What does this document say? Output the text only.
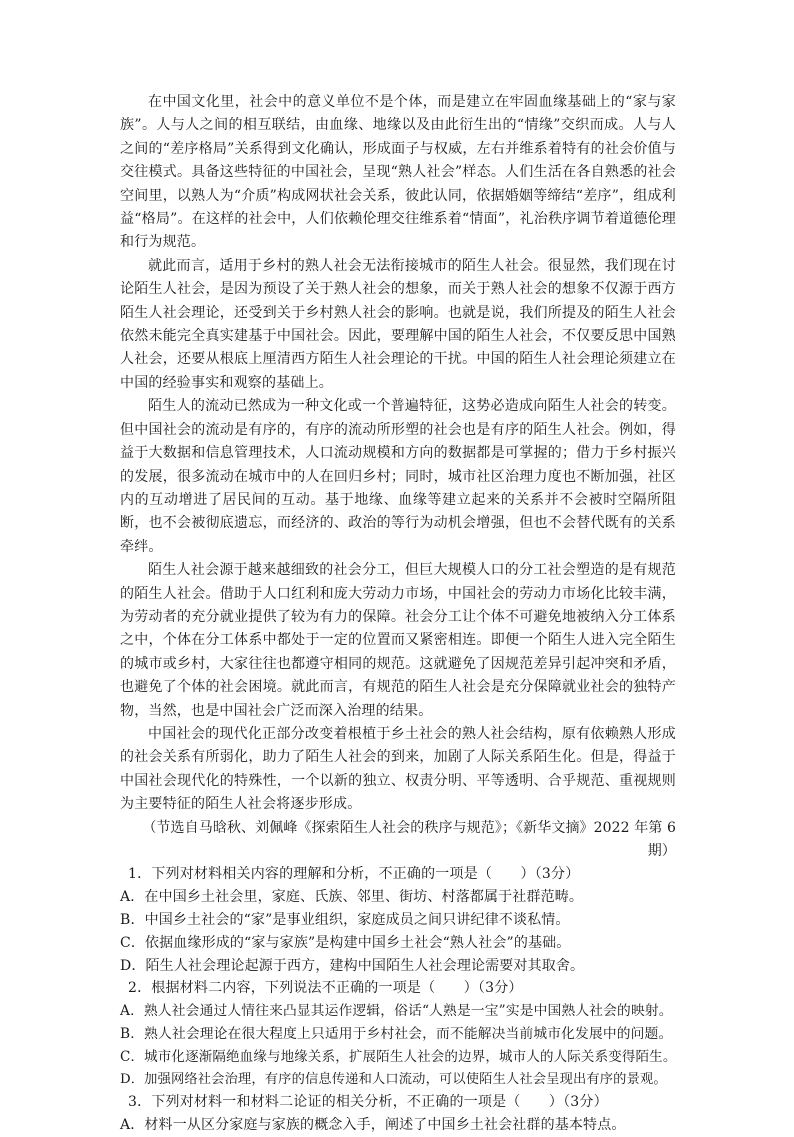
在中国文化里，社会中的意义单位不是个体，而是建立在牢固血缘基础上的“家与家族”。人与人之间的相互联结，由血缘、地缘以及由此衍生出的“情缘”交织而成。人与人之间的“差序格局”关系得到文化确认，形成面子与权威，左右并维系着特有的社会价值与交往模式。具备这些特征的中国社会，呈现“熟人社会”样态。人们生活在各自熟悉的社会空间里，以熟人为“介质”构成网状社会关系，彼此认同，依据婚姻等缔结“差序”，组成利益“格局”。在这样的社会中，人们依赖伦理交往维系着“情面”，礼治秩序调节着道德伦理和行为规范。

就此而言，适用于乡村的熟人社会无法衔接城市的陌生人社会。很显然，我们现在讨论陌生人社会，是因为预设了关于熟人社会的想象，而关于熟人社会的想象不仅源于西方陌生人社会理论，还受到关于乡村熟人社会的影响。也就是说，我们所提及的陌生人社会依然未能完全真实建基于中国社会。因此，要理解中国的陌生人社会，不仅要反思中国熟人社会，还要从根底上厘清西方陌生人社会理论的干扰。中国的陌生人社会理论须建立在中国的经验事实和观察的基础上。

陌生人的流动已然成为一种文化或一个普遍特征，这势必造成向陌生人社会的转变。但中国社会的流动是有序的，有序的流动所形塑的社会也是有序的陌生人社会。例如，得益于大数据和信息管理技术，人口流动规模和方向的数据都是可掌握的；借力于乡村振兴的发展，很多流动在城市中的人在回归乡村；同时，城市社区治理力度也不断加强，社区内的互动增进了居民间的互动。基于地缘、血缘等建立起来的关系并不会被时空隔所阻断，也不会被彻底遗忘，而经济的、政治的等行为动机会增强，但也不会替代既有的关系牵绊。

陌生人社会源于越来越细致的社会分工，但巨大规模人口的分工社会塑造的是有规范的陌生人社会。借助于人口红利和庞大劳动力市场，中国社会的劳动力市场化比较丰满，为劳动者的充分就业提供了较为有力的保障。社会分工让个体不可避免地被纳入分工体系之中，个体在分工体系中都处于一定的位置而又紧密相连。即便一个陌生人进入完全陌生的城市或乡村，大家往往也都遵守相同的规范。这就避免了因规范差异引起冲突和矛盾，也避免了个体的社会困境。就此而言，有规范的陌生人社会是充分保障就业社会的独特产物，当然，也是中国社会广泛而深入治理的结果。

中国社会的现代化正部分改变着根植于乡土社会的熟人社会结构，原有依赖熟人形成的社会关系有所弱化，助力了陌生人社会的到来，加剧了人际关系陌生化。但是，得益于中国社会现代化的特殊性，一个以新的独立、权责分明、平等透明、合乎规范、重视规则为主要特征的陌生人社会将逐步形成。

（节选自马晗秋、刘佩峰《探索陌生人社会的秩序与规范》；《新华文摘》2022 年第 6 期）

1．下列对材料相关内容的理解和分析，不正确的一项是（　　）（3分）

A．在中国乡土社会里，家庭、氏族、邻里、街坊、村落都属于社群范畴。

B．中国乡土社会的“家”是事业组织，家庭成员之间只讲纪律不谈私情。

C．依据血缘形成的“家与家族”是构建中国乡土社会“熟人社会”的基础。

D．陌生人社会理论起源于西方，建构中国陌生人社会理论需要对其取舍。

2．根据材料二内容，下列说法不正确的一项是（　　）（3分）

A．熟人社会通过人情往来凸显其运作逻辑，俗话“人熟是一宝”实是中国熟人社会的映射。

B．熟人社会理论在很大程度上只适用于乡村社会，而不能解决当前城市化发展中的问题。

C．城市化逐渐隔绝血缘与地缘关系，扩展陌生人社会的边界，城市人的人际关系变得陌生。

D．加强网络社会治理，有序的信息传递和人口流动，可以使陌生人社会呈现出有序的景观。

3．下列对材料一和材料二论证的相关分析，不正确的一项是（　　）（3分）

A．材料一从区分家庭与家族的概念入手，阐述了中国乡土社会社群的基本特点。
